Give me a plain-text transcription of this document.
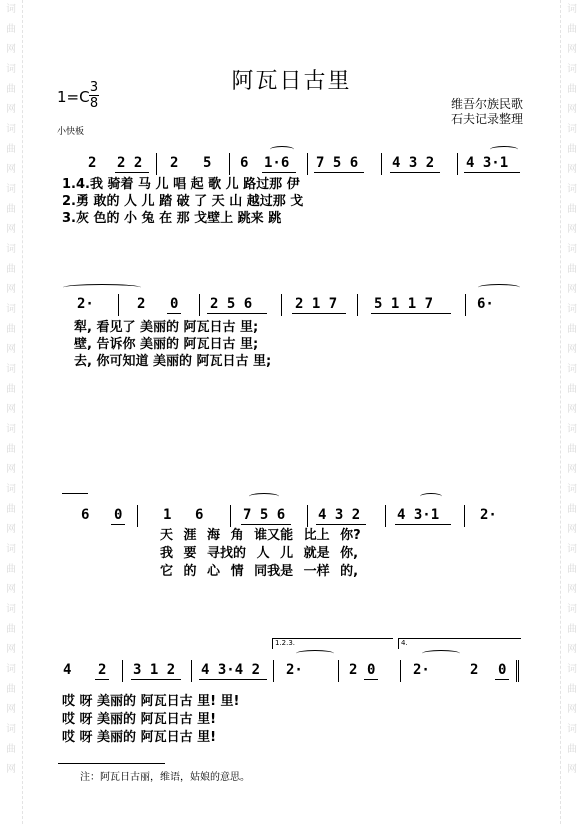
词
曲
网
词
曲
网
词
曲
网
词
曲
网
词
曲
网
词
曲
网
词
曲
网
词
曲
网
词
曲
网
词
曲
网
词
曲
网
词
曲
网
词
曲
网
词
曲
网
词
曲
网
词
曲
网
词
曲
网
词
曲
网
词
曲
网
词
曲
网
词
曲
网
词
曲
网
词
曲
网
词
曲
网
词
曲
网
词
曲
网
阿瓦日古里
1=C
3
8
小快板
维吾尔族民歌
石夫记录整理
2 2 2 2 5 6 1·6 7 5 6 4 3 2 4 3·1
1.4.我 骑着 马 儿 唱 起 歌 儿 路过那 伊
2.勇 敢的 人 儿 踏 破 了 天 山 越过那 戈
3.灰 色的 小 兔 在 那 戈壁上 跳来 跳
2·	2 0 2 5 6	2 1 7	5 1 1 7	6·
犁, 看见了 美丽的 阿瓦日古 里;
壁, 告诉你 美丽的 阿瓦日古 里;
去, 你可知道 美丽的 阿瓦日古 里;
6 0	1 6	7 5 6 4 3 2	4 3·1	2·
天 涯 海 角 谁又能 比上 你?
我 要 寻找的 人 儿 就是 你,
它 的 心 情 同我是 一样 的,
1.2.3.	4.
4 2 3 1 2 4 3·4 2 2·	2 0	2·	2 0
哎 呀 美丽的 阿瓦日古 里! 里!
哎 呀 美丽的 阿瓦日古 里!
哎 呀 美丽的 阿瓦日古 里!
注：阿瓦日古丽，维语，姑娘的意思。
